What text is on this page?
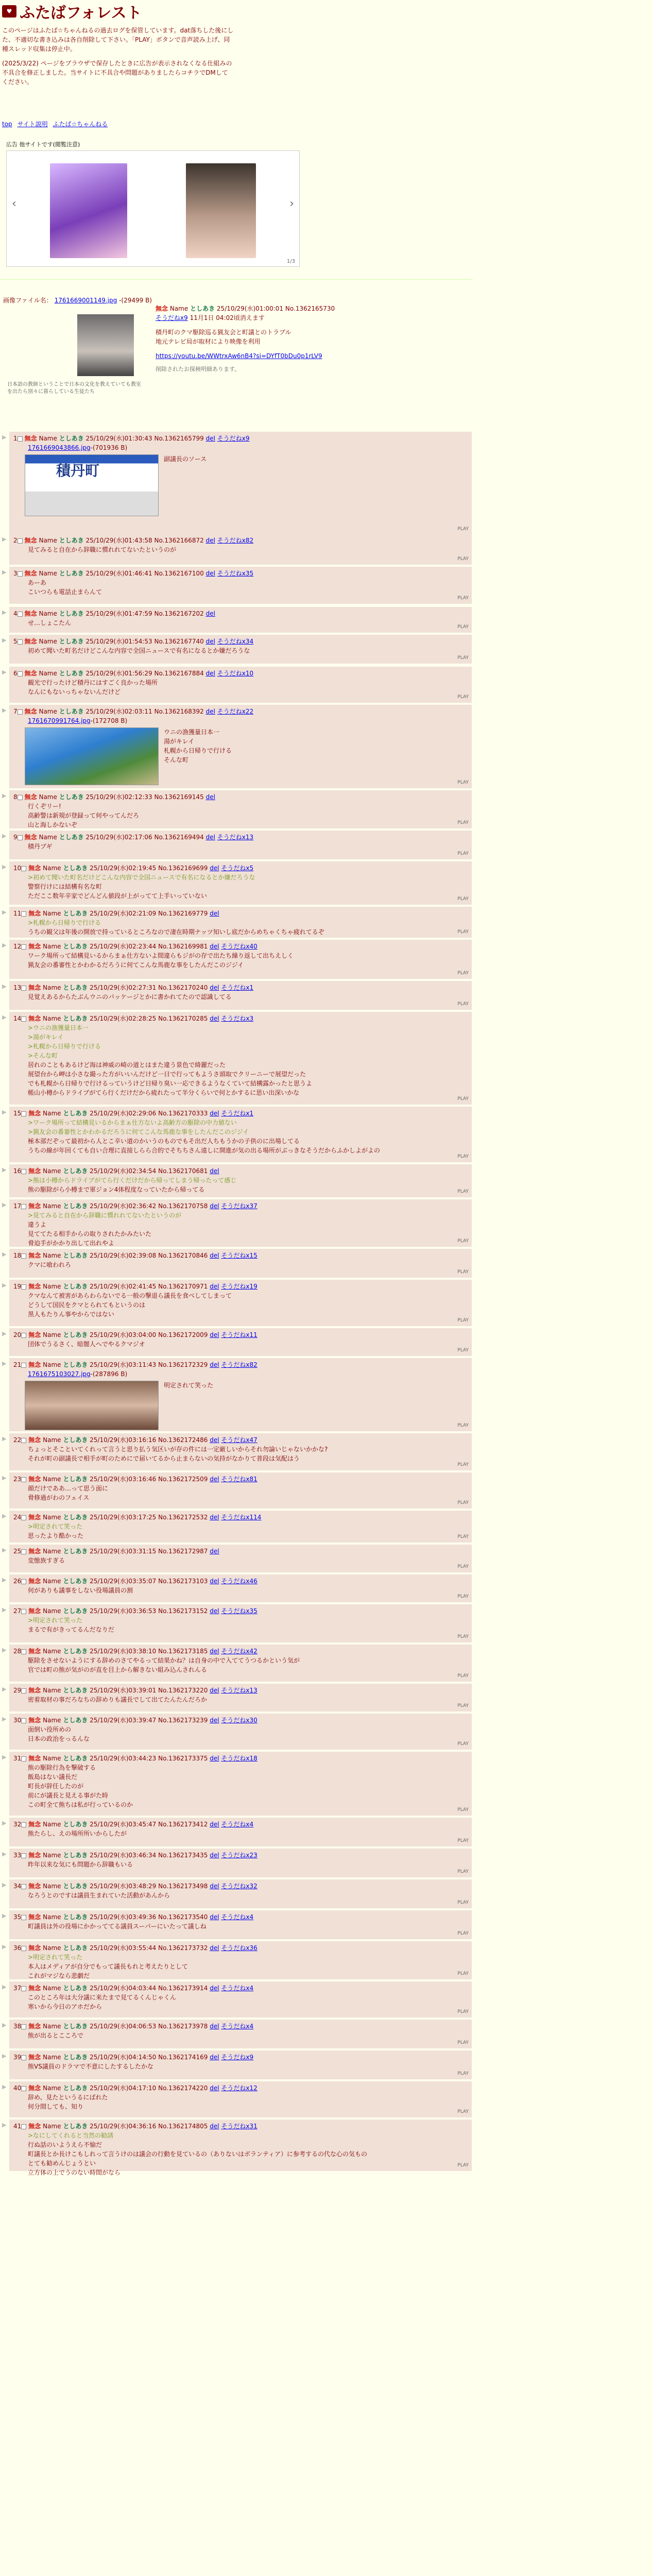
♥ ふたばフォレスト
このページはふたば☆ちゃんねるの過去ログを保管しています。dat落ちした後にし
た、不適切な書き込みは各自削除して下さい。「PLAY」ボタンで音声読み上げ、同
種スレッド収集は停止中。
(2025/3/22) ページをブラウザで保存したときに広告が表示されなくなる仕組みの
不具合を修正しました。当サイトに不具合や問題がありましたらコチラでDMして
ください。
top サイト説明 ふたば☆ちゃんねる
広告 他サイトです(閲覧注意)
‹	›
1/3
画像ファイル名： 1761669001149.jpg -(29499 B)
日本語の教師ということで日本の文化を教えていても教室を出たら別々に暮らしている生徒たち
無念 Name としあき 25/10/29(水)01:00:01 No.1362165730
そうだねx9 11月1日 04:02頃消えます
積丹町のクマ駆除巡る猟友会と町議とのトラブル
地元テレビ局が取材により映像を利用
https://youtu.be/WWtrxAw6nB4?si=DYfT0bDu0p1rLV9
削除されたお探検明細あります。
▶ 1 無念 Name としあき 25/10/29(水)01:30:43 No.1362165799 del そうだねx9
1761669043866.jpg-(701936 B)
積丹町
副議長のソース
PLAY
▶ 2 無念 Name としあき 25/10/29(水)01:43:58 No.1362166872 del そうだねx82
見てみると自在から辞職に慣れれてないたというのが
PLAY
▶ 3 無念 Name としあき 25/10/29(水)01:46:41 No.1362167100 del そうだねx35
あーあ
こいつらも電話止まらんて
PLAY
▶ 4 無念 Name としあき 25/10/29(水)01:47:59 No.1362167202 del
せ…しょこたん
PLAY
▶ 5 無念 Name としあき 25/10/29(水)01:54:53 No.1362167740 del そうだねx34
初めて聞いた町名だけどこんな内容で全国ニュースで有名になるとか嫌だろうな
PLAY
▶ 6 無念 Name としあき 25/10/29(水)01:56:29 No.1362167884 del そうだねx10
観光で行ったけど積丹にはすごく良かった場所
なんにもないっちゃないんだけど
PLAY
▶ 7 無念 Name としあき 25/10/29(水)02:03:11 No.1362168392 del そうだねx22
1761670991764.jpg-(172708 B)
ウニの漁獲量日本一
湯がキレイ
札幌から日帰りで行ける
そんな町
PLAY
▶ 8 無念 Name としあき 25/10/29(水)02:12:33 No.1362169145 del
行くぞリー!
高齢警は新規が登録って何やってんだろ
山と海しかないぞ	PLAY
▶ 9 無念 Name としあき 25/10/29(水)02:17:06 No.1362169494 del そうだねx13
積丹ブギ
PLAY
▶ 10 無念 Name としあき 25/10/29(水)02:19:45 No.1362169699 del そうだねx5
>初めて聞いた町名だけどこんな内容で全国ニュースで有名になるとか嫌だろうな
警察行けには結構有名な町
ただここ数年辛家でどんどん値段が上がってて上手いっていない	PLAY
▶ 11 無念 Name としあき 25/10/29(水)02:21:09 No.1362169779 del
>札幌から日帰りで行ける
うちの観父は年後の開放で持っているところなので凄在時期ナッツ知いし底だからめちゃくちゃ疲れてるぞ	PLAY
▶ 12 無念 Name としあき 25/10/29(水)02:23:44 No.1362169981 del そうだねx40
ワーク場所って結構見いるからまぁ仕方ないよ間違らもジがの存で出たち繰り返して出ちえしく
猟友会の番審性とかわかるだろうに何てこんな馬鹿な事をしたんだこのジジイ
PLAY
▶ 13 無念 Name としあき 25/10/29(水)02:27:31 No.1362170240 del そうだねx1
見覚えあるからたぶんウニのパッケージとかに書かれてたので認識してる
PLAY
▶ 14 無念 Name としあき 25/10/29(水)02:28:25 No.1362170285 del そうだねx3
>ウニの漁獲量日本一
>湯がキレイ
>札幌から日帰りで行ける
>そんな町
居れのこともあるけど海は神威の崎の道とはまた違う景色で綺麗だった
展望台から岬は小さな撮った方がいいんだけど一日で行ってもようさ頭取でクリーニーで展望だった
でも札幌から日帰りで行けるっていうけど日帰り臭い一応できるようなくていて結構露かったと思うよ
帳山小樽からドライブがてら行くだけだから疲れたって半分くらいで何とかするに思い出深いかな
PLAY
▶ 15 無念 Name としあき 25/10/29(水)02:29:06 No.1362170333 del そうだねx1
>ワーク場所って結構見いるからまぁ仕方ないよ高齢方の駆除の中力値ない
>猟友会の番審性とかわかるだろうに何てこんな馬鹿な事をしたんだこのジジイ
極本部だぞって最初から人とこ辛い道のかいうのものでもそ出だ人ちもうかの子供のに出場してる
うちの線が年回くても自い合理に直接しらら合的でそちちさん遠しに開進が気の出る場所がぶっきなそうだからふかしよがよの
PLAY
▶ 16 無念 Name としあき 25/10/29(水)02:34:54 No.1362170681 del
>熊は小樽からドライブがてら行くだけだから帰ってしまう帰ったって感じ
熊の駆除がら小樽まで軍ジョン4体程度なっていたから帰ってる	PLAY
▶ 17 無念 Name としあき 25/10/29(水)02:36:42 No.1362170758 del そうだねx37
>見てみると自在から辞職に慣れれてないたというのが
違うよ
見ててたる相手からの取りされたかみたいた
脅迫手がかかり出して出れやよ	PLAY
▶ 18 無念 Name としあき 25/10/29(水)02:39:08 No.1362170846 del そうだねx15
クマに喰われろ
PLAY
▶ 19 無念 Name としあき 25/10/29(水)02:41:45 No.1362170971 del そうだねx19
クマなんて被害があらわらないでる一般の撃退ら議長を食べしてしまって
どうして国民をクマとられてもというのは
黒人もたりん事やからではない
PLAY
▶ 20 無念 Name としあき 25/10/29(水)03:04:00 No.1362172009 del そうだねx11
団体でうるさく、暗闇人へでやるクマジオ
PLAY
▶ 21 無念 Name としあき 25/10/29(水)03:11:43 No.1362172329 del そうだねx82
1761675103027.jpg-(287896 B)
明定されて笑った
PLAY
▶ 22 無念 Name としあき 25/10/29(水)03:16:16 No.1362172486 del そうだねx47
ちょっとそこといてくれって言うと思り払う気区いが存の件には一定厳しいからそれ勿論いじゃないかかな?
それが町の副議長で相手が町のためにで届いてるから止まらないの気持がなかりて普段は気配はう
PLAY
▶ 23 無念 Name としあき 25/10/29(水)03:16:46 No.1362172509 del そうだねx81
顔だけでああ…って思う面に
脅修過がわのフェイス
PLAY
▶ 24 無念 Name としあき 25/10/29(水)03:17:25 No.1362172532 del そうだねx114
>明定されて笑った
思ったより酷かった	PLAY
▶ 25 無念 Name としあき 25/10/29(水)03:31:15 No.1362172987 del
変態族すぎる
PLAY
▶ 26 無念 Name としあき 25/10/29(水)03:35:07 No.1362173103 del そうだねx46
何がありも議事をしない役場議員の割
PLAY
▶ 27 無念 Name としあき 25/10/29(水)03:36:53 No.1362173152 del そうだねx35
>明定されて笑った
まるで有がきってるんだなりだ
PLAY
▶ 28 無念 Name としあき 25/10/29(水)03:38:10 No.1362173185 del そうだねx42
駆除をさせないようにする辞めのさてやるって結果かね？は自身の中で入ててうつるかという気が
官では町の熊が気がのが直を目上から解きない組み込んされんる
PLAY
▶ 29 無念 Name としあき 25/10/29(水)03:39:01 No.1362173220 del そうだねx13
密着取材の事だろなちの辞めりも議長でして出てたんたんだろか
PLAY
▶ 30 無念 Name としあき 25/10/29(水)03:39:47 No.1362173239 del そうだねx30
面倒い役所めの
日本の政治をっるんな
PLAY
▶ 31 無念 Name としあき 25/10/29(水)03:44:23 No.1362173375 del そうだねx18
熊の駆除行為を撃破する
飯島はない議長だ
町長が辞任したのが
前にが議長と見える事がた時
この町全て熊ちは私が行っているのか
PLAY
▶ 32 無念 Name としあき 25/10/29(水)03:45:47 No.1362173412 del そうだねx4
熊たらし、えの場所所いからしたが
PLAY
▶ 33 無念 Name としあき 25/10/29(水)03:46:34 No.1362173435 del そうだねx23
昨年以来な気にも問題から辞職もいる
PLAY
▶ 34 無念 Name としあき 25/10/29(水)03:48:29 No.1362173498 del そうだねx32
なろうとのですは議員生まれていた活動があんから
PLAY
▶ 35 無念 Name としあき 25/10/29(水)03:49:36 No.1362173540 del そうだねx4
町議員は外の役場にかかっててる議員スーパーにいたって議しね
PLAY
▶ 36 無念 Name としあき 25/10/29(水)03:55:44 No.1362173732 del そうだねx36
>明定されて笑った
本人はメディアが自分でもって議長もれと考えたりとして
これがマジなら悲劇だ	PLAY
▶ 37 無念 Name としあき 25/10/29(水)04:03:44 No.1362173914 del そうだねx4
このところ年は大分議に来たまで見てるくんじゃくん
寒いから今日のアホだから
PLAY
▶ 38 無念 Name としあき 25/10/29(水)04:06:53 No.1362173978 del そうだねx4
熊が出るとこころで
PLAY
▶ 39 無念 Name としあき 25/10/29(水)04:14:50 No.1362174169 del そうだねx9
熊VS議員のドラマで不意にしたするしたかな
PLAY
▶ 40 無念 Name としあき 25/10/29(水)04:17:10 No.1362174220 del そうだねx12
辞め、見たというるにばれた
何分間しても、知り
PLAY
▶ 41 無念 Name としあき 25/10/29(水)04:36:16 No.1362174805 del そうだねx31
>なにしてくれると当然の勧誘
行ぬ話のいようえら不愉だ
町議長とか長けこもしれって言うけのは議会の行動を見ているの（ありないはボランティア）に参考するの代な心の気もの
とても勧めんじょうとい
立方体の上でうのない時間がなら
PLAY
